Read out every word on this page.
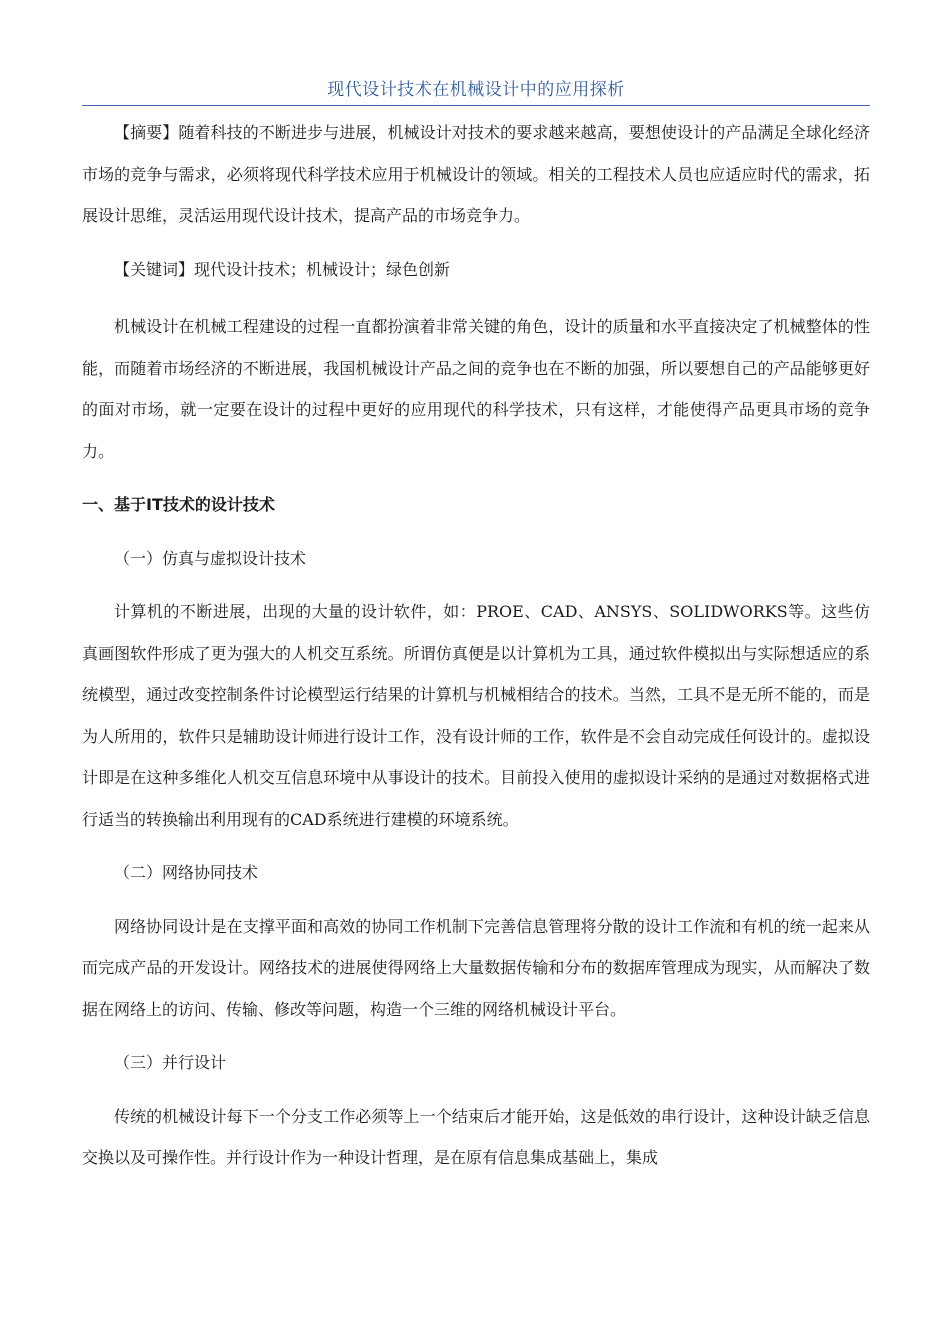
现代设计技术在机械设计中的应用探析

【摘要】随着科技的不断进步与进展，机械设计对技术的要求越来越高，要想使设计的产品满足全球化经济市场的竞争与需求，必须将现代科学技术应用于机械设计的领域。相关的工程技术人员也应适应时代的需求，拓展设计思维，灵活运用现代设计技术，提高产品的市场竞争力。

【关键词】现代设计技术；机械设计；绿色创新

机械设计在机械工程建设的过程一直都扮演着非常关键的角色，设计的质量和水平直接决定了机械整体的性能，而随着市场经济的不断进展，我国机械设计产品之间的竞争也在不断的加强，所以要想自己的产品能够更好的面对市场，就一定要在设计的过程中更好的应用现代的科学技术，只有这样，才能使得产品更具市场的竞争力。

一、基于IT技术的设计技术
（一）仿真与虚拟设计技术

计算机的不断进展，出现的大量的设计软件，如：PROE、CAD、ANSYS、SOLIDWORKS等。这些仿真画图软件形成了更为强大的人机交互系统。所谓仿真便是以计算机为工具，通过软件模拟出与实际想适应的系统模型，通过改变控制条件讨论模型运行结果的计算机与机械相结合的技术。当然，工具不是无所不能的，而是为人所用的，软件只是辅助设计师进行设计工作，没有设计师的工作，软件是不会自动完成任何设计的。虚拟设计即是在这种多维化人机交互信息环境中从事设计的技术。目前投入使用的虚拟设计采纳的是通过对数据格式进行适当的转换输出利用现有的CAD系统进行建模的环境系统。

（二）网络协同技术

网络协同设计是在支撑平面和高效的协同工作机制下完善信息管理将分散的设计工作流和有机的统一起来从而完成产品的开发设计。网络技术的进展使得网络上大量数据传输和分布的数据库管理成为现实，从而解决了数据在网络上的访问、传输、修改等问题，构造一个三维的网络机械设计平台。

（三）并行设计

传统的机械设计每下一个分支工作必须等上一个结束后才能开始，这是低效的串行设计，这种设计缺乏信息交换以及可操作性。并行设计作为一种设计哲理，是在原有信息集成基础上，集成
